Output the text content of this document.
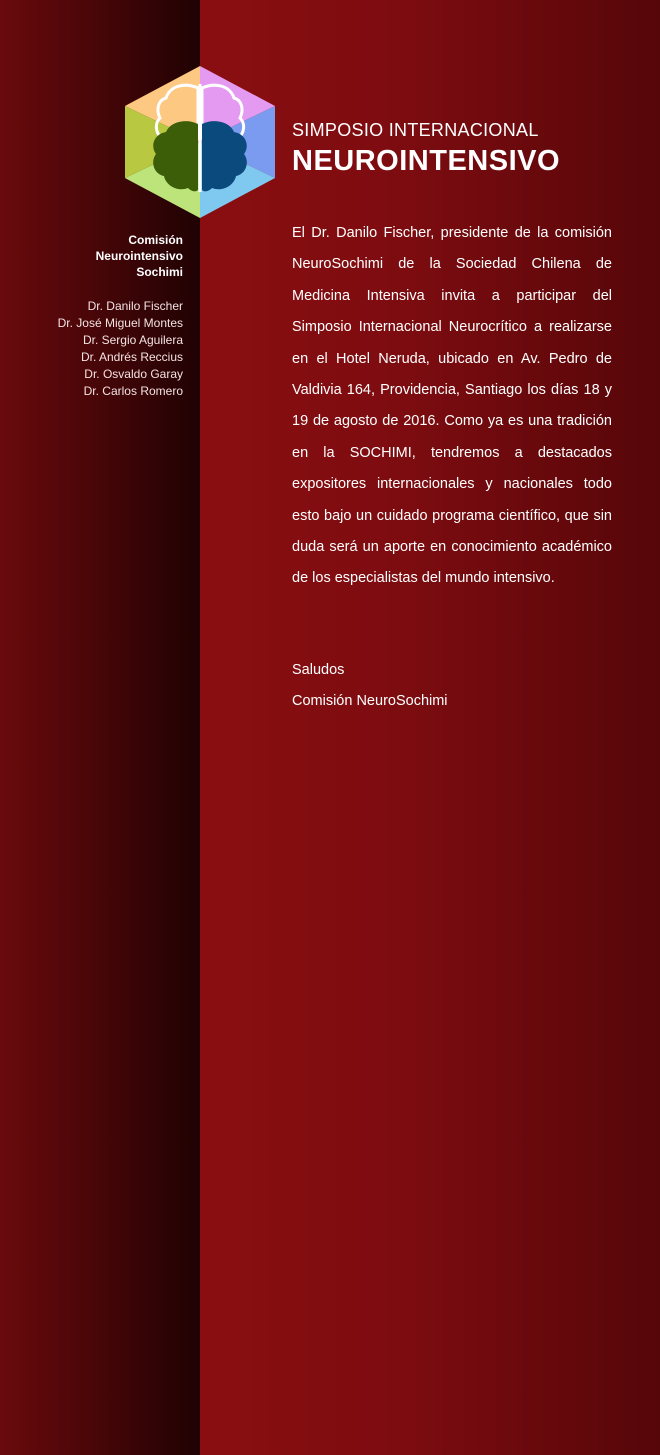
SIMPOSIO INTERNACIONAL
NEUROINTENSIVO
Comisión
Neurointensivo
Sochimi
Dr. Danilo Fischer
Dr. José Miguel Montes
Dr. Sergio Aguilera
Dr. Andrés Reccius
Dr. Osvaldo Garay
Dr. Carlos Romero

El Dr. Danilo Fischer, presidente de la comisión NeuroSochimi de la Sociedad Chilena de Medicina Intensiva invita a participar del Simposio Internacional Neurocrítico a realizarse en el Hotel Neruda, ubicado en Av. Pedro de Valdivia 164, Providencia, Santiago los días 18 y 19 de agosto de 2016. Como ya es una tradición en la SOCHIMI, tendremos a destacados expositores internacionales y nacionales todo esto bajo un cuidado programa científico, que sin duda será un aporte en conocimiento académico de los especialistas del mundo intensivo.

Saludos
Comisión NeuroSochimi
